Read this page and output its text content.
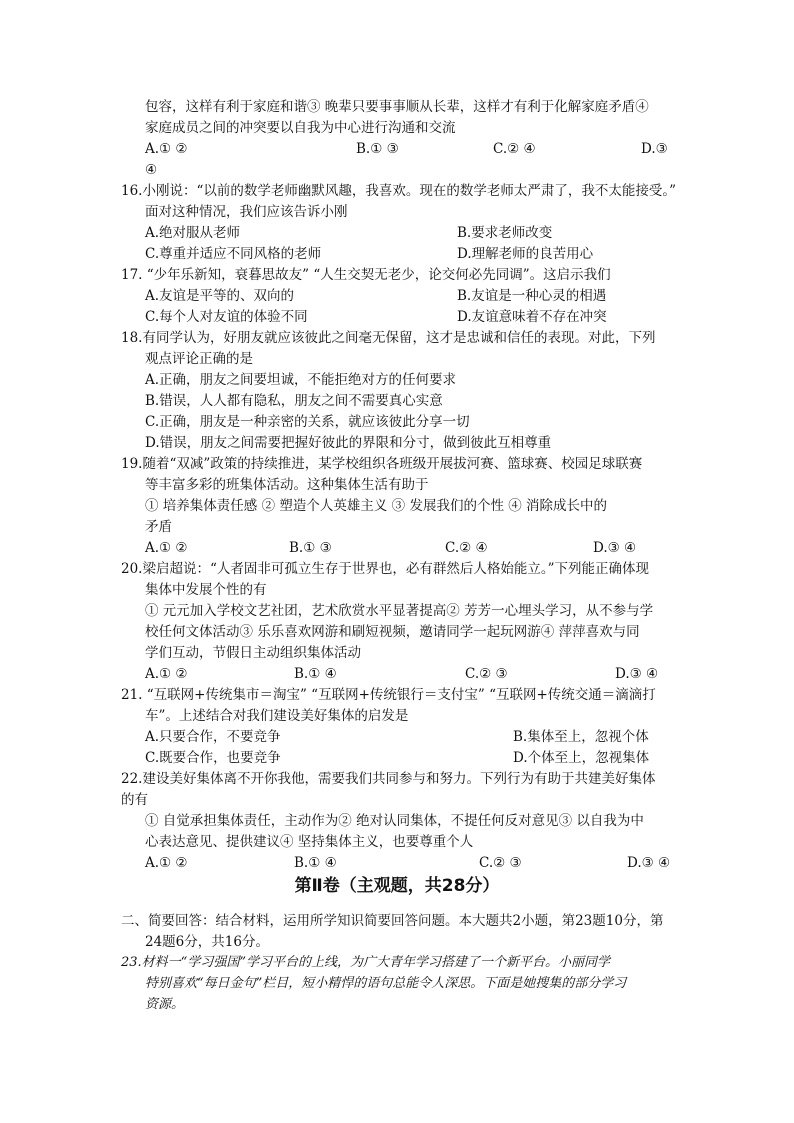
包容，这样有利于家庭和谐③ 晚辈只要事事顺从长辈，这样才有利于化解家庭矛盾④
家庭成员之间的冲突要以自我为中心进行沟通和交流
A.① ②	B.① ③	C.② ④	D.③
④
16.小刚说：“以前的数学老师幽默风趣，我喜欢。现在的数学老师太严肃了，我不太能接受。”
面对这种情况，我们应该告诉小刚
A.绝对服从老师	B.要求老师改变
C.尊重并适应不同风格的老师	D.理解老师的良苦用心
17. “少年乐新知，衰暮思故友” “人生交契无老少，论交何必先同调”。这启示我们
A.友谊是平等的、双向的	B.友谊是一种心灵的相遇
C.每个人对友谊的体验不同	D.友谊意味着不存在冲突
18.有同学认为，好朋友就应该彼此之间毫无保留，这才是忠诚和信任的表现。对此，下列
观点评论正确的是
A.正确，朋友之间要坦诚，不能拒绝对方的任何要求
B.错误，人人都有隐私，朋友之间不需要真心实意
C.正确，朋友是一种亲密的关系，就应该彼此分享一切
D.错误，朋友之间需要把握好彼此的界限和分寸，做到彼此互相尊重
19.随着“双减”政策的持续推进，某学校组织各班级开展拔河赛、篮球赛、校园足球联赛
等丰富多彩的班集体活动。这种集体生活有助于
① 培养集体责任感 ② 塑造个人英雄主义 ③ 发展我们的个性 ④ 消除成长中的
矛盾
A.① ②	B.① ③	C.② ④	D.③ ④
20.梁启超说：“人者固非可孤立生存于世界也，必有群然后人格始能立。”下列能正确体现
集体中发展个性的有
① 元元加入学校文艺社团，艺术欣赏水平显著提高② 芳芳一心埋头学习，从不参与学
校任何文体活动③ 乐乐喜欢网游和刷短视频，邀请同学一起玩网游④ 萍萍喜欢与同
学们互动，节假日主动组织集体活动
A.① ②	B.① ④	C.② ③	D.③ ④
21. “互联网+传统集市＝淘宝” “互联网+传统银行＝支付宝” “互联网+传统交通＝滴滴打
车”。上述结合对我们建设美好集体的启发是
A.只要合作，不要竞争	B.集体至上，忽视个体
C.既要合作，也要竞争	D.个体至上，忽视集体
22.建设美好集体离不开你我他，需要我们共同参与和努力。下列行为有助于共建美好集体
的有
① 自觉承担集体责任，主动作为② 绝对认同集体，不提任何反对意见③ 以自我为中
心表达意见、提供建议④ 坚持集体主义，也要尊重个人
A.① ②	B.① ④	C.② ③	D.③ ④
第Ⅱ卷（主观题，共28分）
二、简要回答：结合材料，运用所学知识简要回答问题。本大题共2小题，第23题10分，第
24题6分，共16分。
23.材料一“学习强国”学习平台的上线，为广大青年学习搭建了一个新平台。小丽同学
特别喜欢“每日金句”栏目，短小精悍的语句总能令人深思。下面是她搜集的部分学习
资源。
